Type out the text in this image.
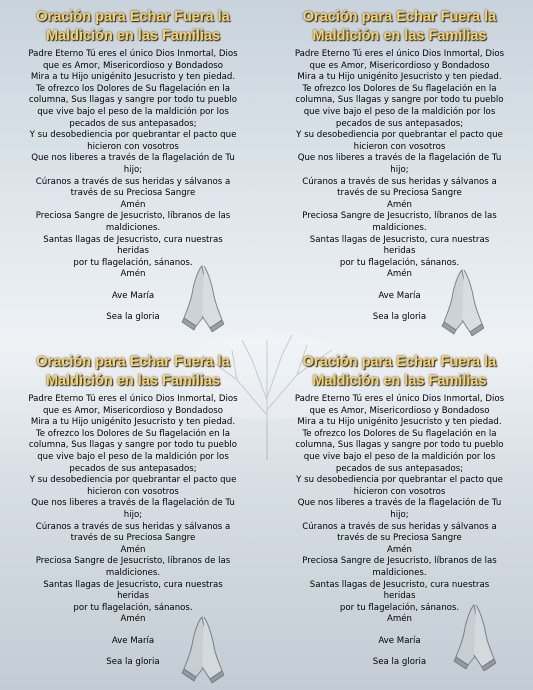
Oración para Echar Fuera la
Maldición en las Familias
Padre Eterno Tú eres el único Dios Inmortal, Dios
que es Amor, Misericordioso y Bondadoso
Mira a tu Hijo unigénito Jesucristo y ten piedad.
Te ofrezco los Dolores de Su flagelación en la
columna, Sus llagas y sangre por todo tu pueblo
que vive bajo el peso de la maldición por los
pecados de sus antepasados;
Y su desobediencia por quebrantar el pacto que
hicieron con vosotros
Que nos liberes a través de la flagelación de Tu
hijo;
Cúranos a través de sus heridas y sálvanos a
través de su Preciosa Sangre
Amén
Preciosa Sangre de Jesucristo, líbranos de las
maldiciones.
Santas llagas de Jesucristo, cura nuestras
heridas
por tu flagelación, sánanos.
Amén
Ave María
Sea la gloria
Oración para Echar Fuera la
Maldición en las Familias
Padre Eterno Tú eres el único Dios Inmortal, Dios
que es Amor, Misericordioso y Bondadoso
Mira a tu Hijo unigénito Jesucristo y ten piedad.
Te ofrezco los Dolores de Su flagelación en la
columna, Sus llagas y sangre por todo tu pueblo
que vive bajo el peso de la maldición por los
pecados de sus antepasados;
Y su desobediencia por quebrantar el pacto que
hicieron con vosotros
Que nos liberes a través de la flagelación de Tu
hijo;
Cúranos a través de sus heridas y sálvanos a
través de su Preciosa Sangre
Amén
Preciosa Sangre de Jesucristo, líbranos de las
maldiciones.
Santas llagas de Jesucristo, cura nuestras
heridas
por tu flagelación, sánanos.
Amén
Ave María
Sea la gloria
Oración para Echar Fuera la
Maldición en las Familias
Padre Eterno Tú eres el único Dios Inmortal, Dios
que es Amor, Misericordioso y Bondadoso
Mira a tu Hijo unigénito Jesucristo y ten piedad.
Te ofrezco los Dolores de Su flagelación en la
columna, Sus llagas y sangre por todo tu pueblo
que vive bajo el peso de la maldición por los
pecados de sus antepasados;
Y su desobediencia por quebrantar el pacto que
hicieron con vosotros
Que nos liberes a través de la flagelación de Tu
hijo;
Cúranos a través de sus heridas y sálvanos a
través de su Preciosa Sangre
Amén
Preciosa Sangre de Jesucristo, líbranos de las
maldiciones.
Santas llagas de Jesucristo, cura nuestras
heridas
por tu flagelación, sánanos.
Amén
Ave María
Sea la gloria
Oración para Echar Fuera la
Maldición en las Familias
Padre Eterno Tú eres el único Dios Inmortal, Dios
que es Amor, Misericordioso y Bondadoso
Mira a tu Hijo unigénito Jesucristo y ten piedad.
Te ofrezco los Dolores de Su flagelación en la
columna, Sus llagas y sangre por todo tu pueblo
que vive bajo el peso de la maldición por los
pecados de sus antepasados;
Y su desobediencia por quebrantar el pacto que
hicieron con vosotros
Que nos liberes a través de la flagelación de Tu
hijo;
Cúranos a través de sus heridas y sálvanos a
través de su Preciosa Sangre
Amén
Preciosa Sangre de Jesucristo, líbranos de las
maldiciones.
Santas llagas de Jesucristo, cura nuestras
heridas
por tu flagelación, sánanos.
Amén
Ave María
Sea la gloria
